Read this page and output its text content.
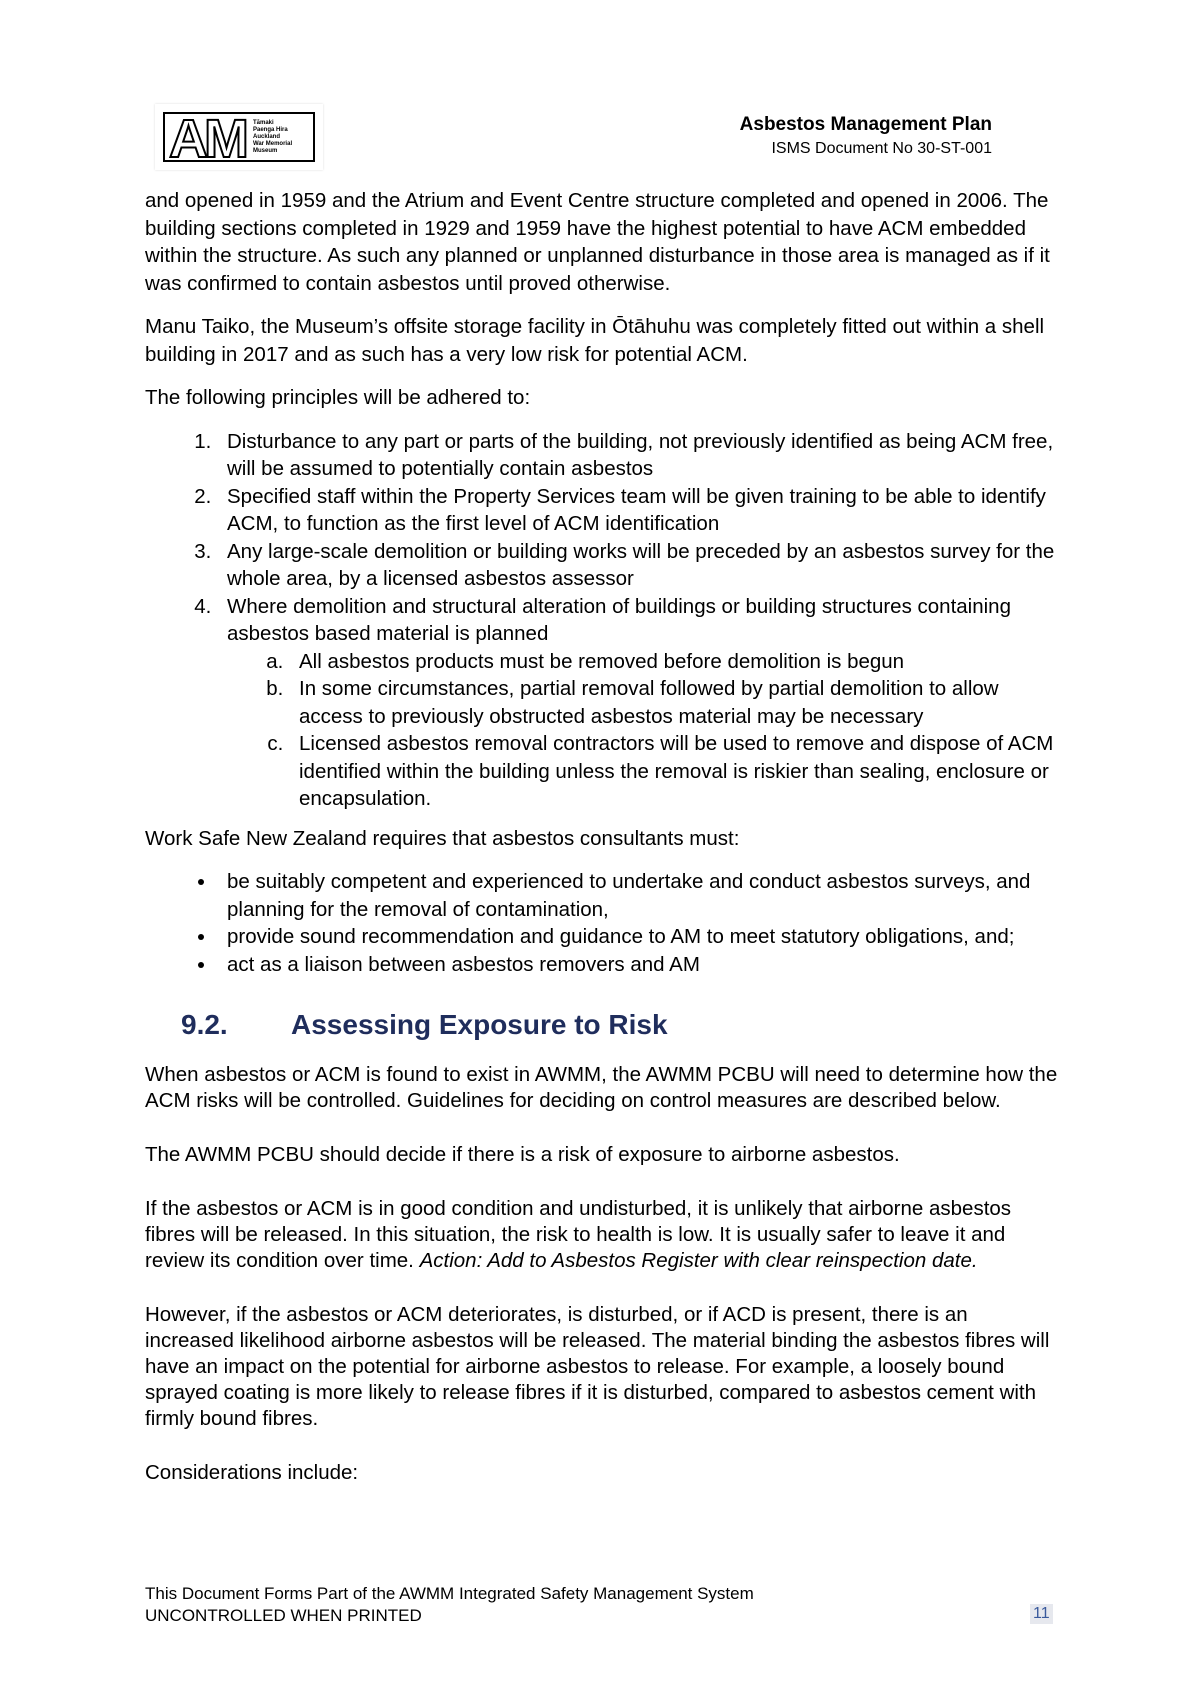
AM Tāmaki
Paenga Hira
Auckland
War Memorial
Museum
Asbestos Management Plan
ISMS Document No 30-ST-001

and opened in 1959 and the Atrium and Event Centre structure completed and opened in 2006. The building sections completed in 1929 and 1959 have the highest potential to have ACM embedded within the structure. As such any planned or unplanned disturbance in those area is managed as if it was confirmed to contain asbestos until proved otherwise.

Manu Taiko, the Museum’s offsite storage facility in Ōtāhuhu was completely fitted out within a shell building in 2017 and as such has a very low risk for potential ACM.

The following principles will be adhered to:

1. Disturbance to any part or parts of the building, not previously identified as being ACM free, will be assumed to potentially contain asbestos
2. Specified staff within the Property Services team will be given training to be able to identify ACM, to function as the first level of ACM identification
3. Any large-scale demolition or building works will be preceded by an asbestos survey for the whole area, by a licensed asbestos assessor
4. Where demolition and structural alteration of buildings or building structures containing asbestos based material is planned
a. All asbestos products must be removed before demolition is begun
b. In some circumstances, partial removal followed by partial demolition to allow access to previously obstructed asbestos material may be necessary
c. Licensed asbestos removal contractors will be used to remove and dispose of ACM identified within the building unless the removal is riskier than sealing, enclosure or encapsulation.

Work Safe New Zealand requires that asbestos consultants must:

• be suitably competent and experienced to undertake and conduct asbestos surveys, and planning for the removal of contamination,
• provide sound recommendation and guidance to AM to meet statutory obligations, and;
• act as a liaison between asbestos removers and AM
9.2.	Assessing Exposure to Risk

When asbestos or ACM is found to exist in AWMM, the AWMM PCBU will need to determine how the ACM risks will be controlled. Guidelines for deciding on control measures are described below.

The AWMM PCBU should decide if there is a risk of exposure to airborne asbestos.

If the asbestos or ACM is in good condition and undisturbed, it is unlikely that airborne asbestos fibres will be released. In this situation, the risk to health is low. It is usually safer to leave it and review its condition over time. Action: Add to Asbestos Register with clear reinspection date.

However, if the asbestos or ACM deteriorates, is disturbed, or if ACD is present, there is an increased likelihood airborne asbestos will be released. The material binding the asbestos fibres will have an impact on the potential for airborne asbestos to release. For example, a loosely bound sprayed coating is more likely to release fibres if it is disturbed, compared to asbestos cement with firmly bound fibres.

Considerations include:

This Document Forms Part of the AWMM Integrated Safety Management System
UNCONTROLLED WHEN PRINTED	11
